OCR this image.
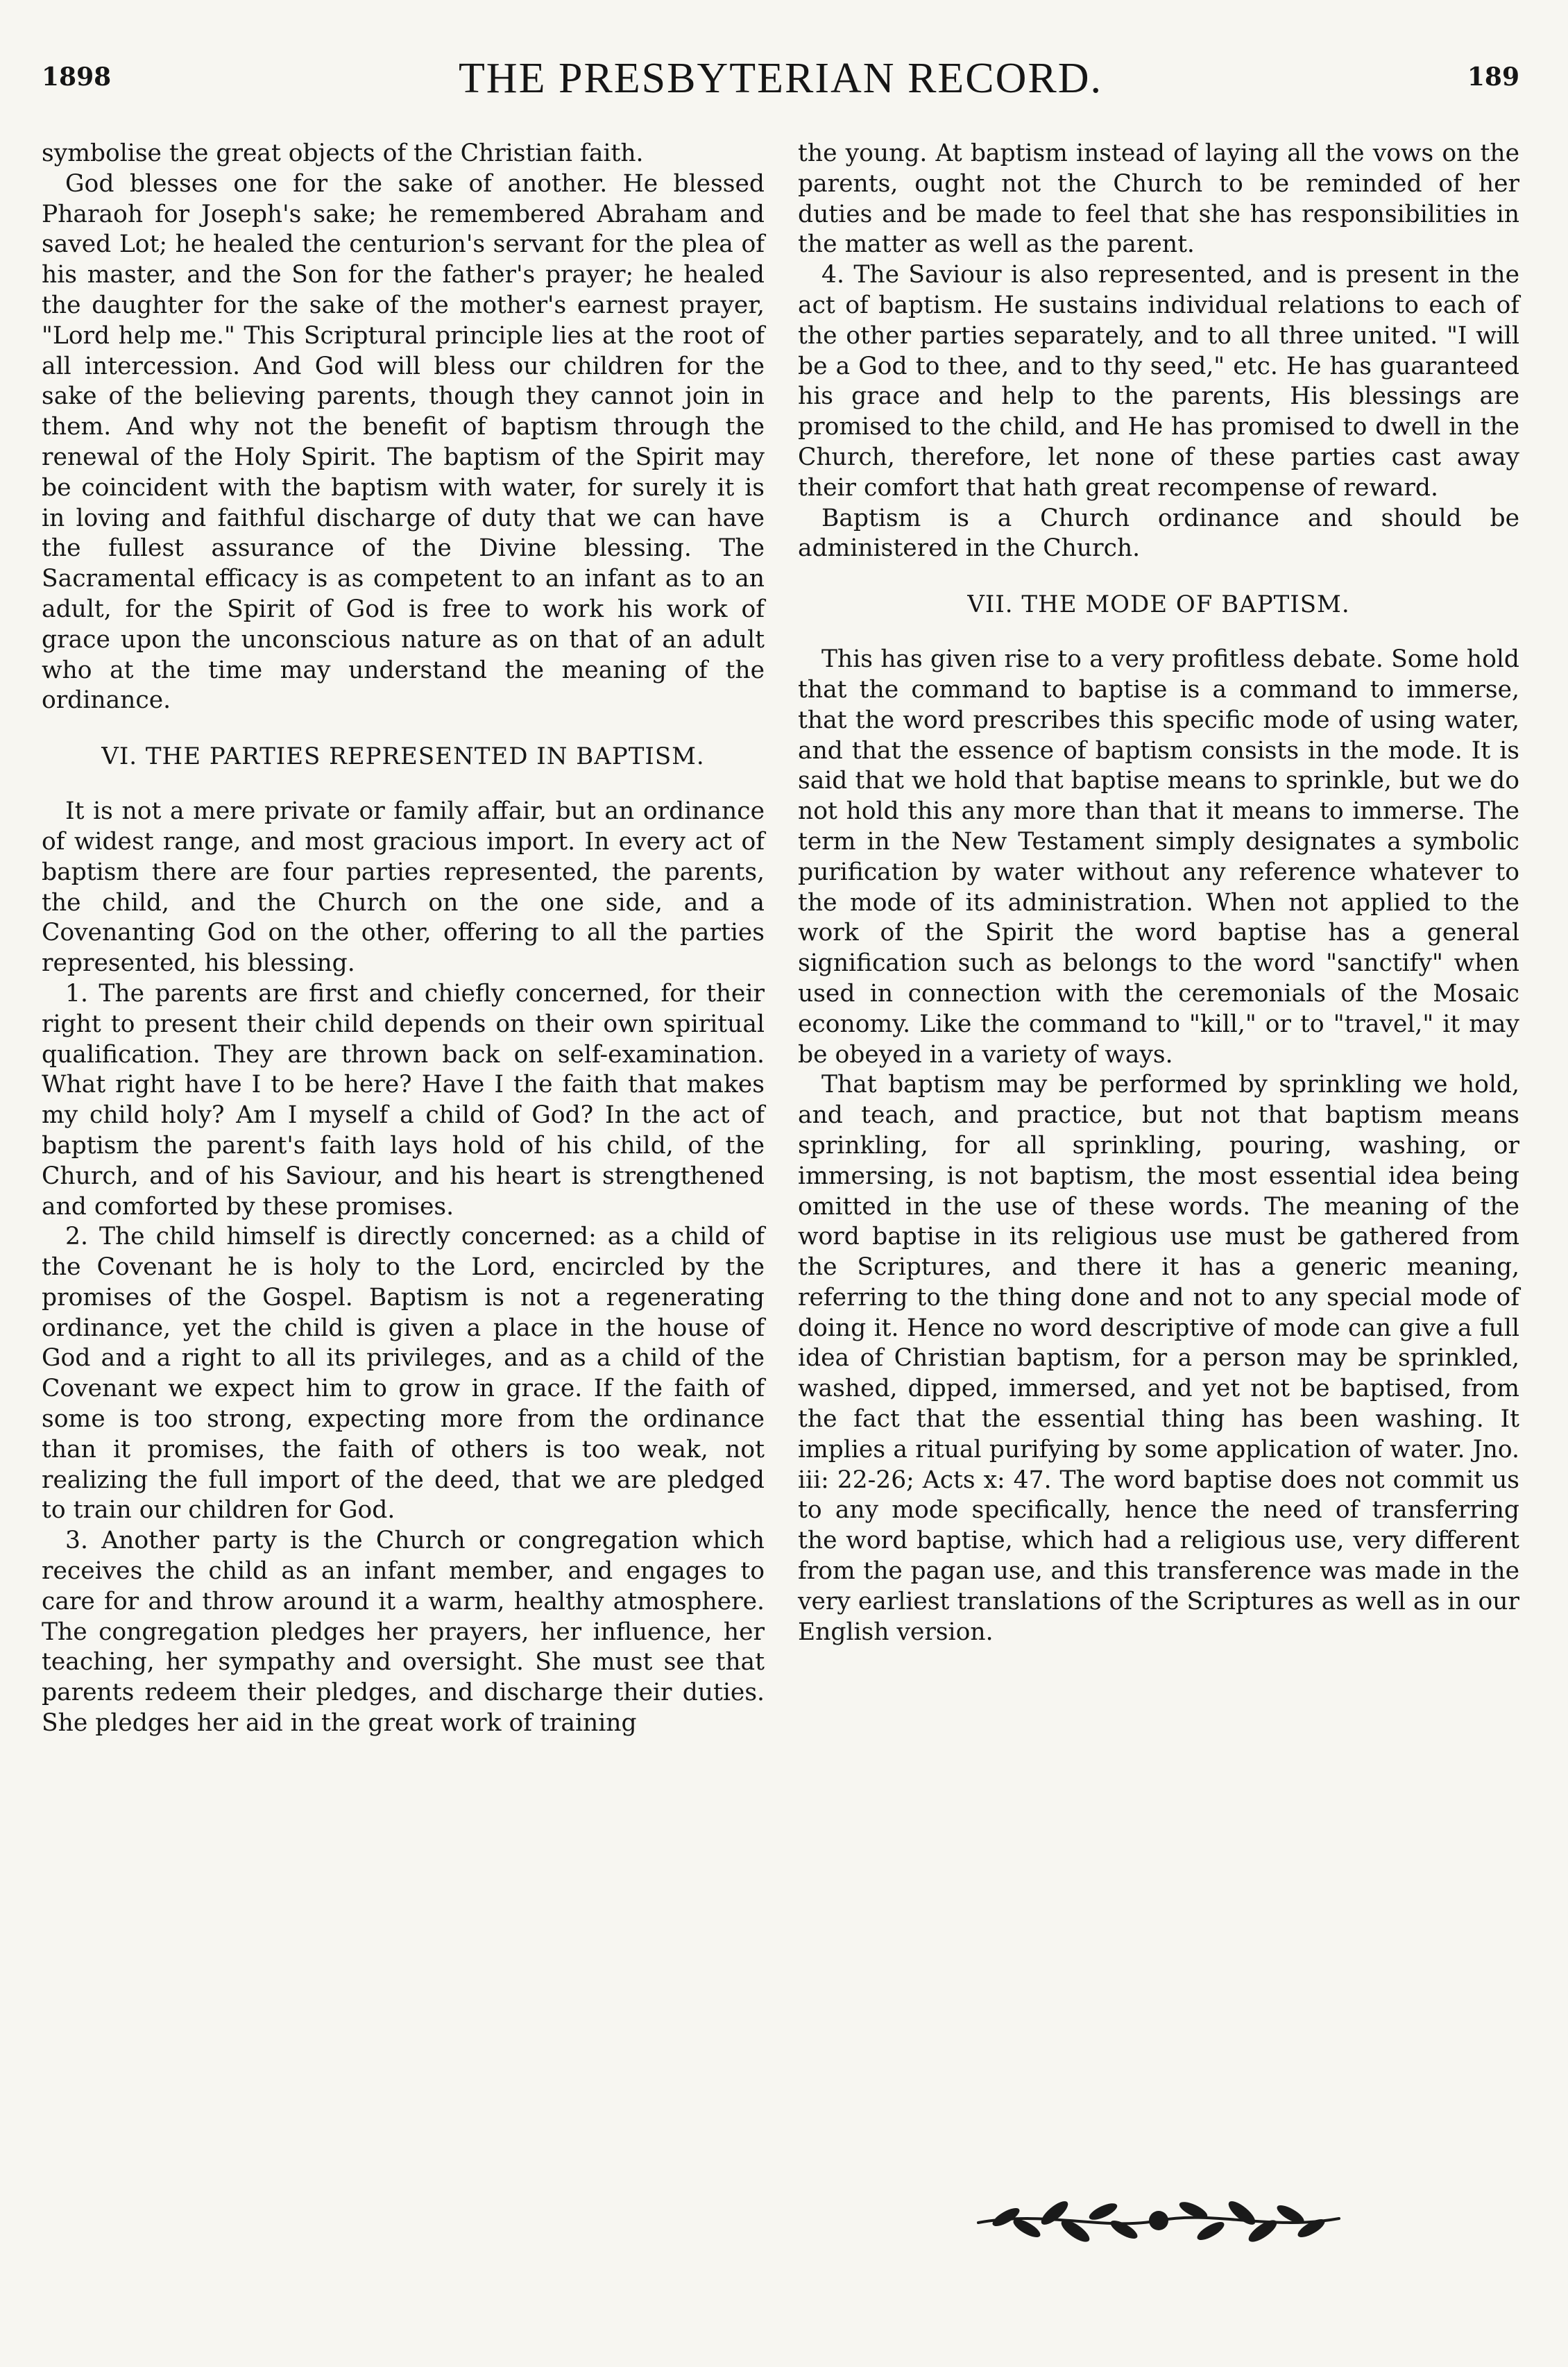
1898	THE PRESBYTERIAN RECORD.	189

symbolise the great objects of the Christian faith.

God blesses one for the sake of another. He blessed Pharaoh for Joseph's sake; he remembered Abraham and saved Lot; he healed the centurion's servant for the plea of his master, and the Son for the father's prayer; he healed the daughter for the sake of the mother's earnest prayer, "Lord help me." This Scriptural principle lies at the root of all intercession. And God will bless our children for the sake of the believing parents, though they cannot join in them. And why not the benefit of baptism through the renewal of the Holy Spirit. The baptism of the Spirit may be coincident with the baptism with water, for surely it is in loving and faithful discharge of duty that we can have the fullest assurance of the Divine blessing. The Sacramental efficacy is as competent to an infant as to an adult, for the Spirit of God is free to work his work of grace upon the unconscious nature as on that of an adult who at the time may understand the meaning of the ordinance.

VI. THE PARTIES REPRESENTED IN BAPTISM.

It is not a mere private or family affair, but an ordinance of widest range, and most gracious import. In every act of baptism there are four parties represented, the parents, the child, and the Church on the one side, and a Covenanting God on the other, offering to all the parties represented, his blessing.

1. The parents are first and chiefly concerned, for their right to present their child depends on their own spiritual qualification. They are thrown back on self-examination. What right have I to be here? Have I the faith that makes my child holy? Am I myself a child of God? In the act of baptism the parent's faith lays hold of his child, of the Church, and of his Saviour, and his heart is strengthened and comforted by these promises.

2. The child himself is directly concerned: as a child of the Covenant he is holy to the Lord, encircled by the promises of the Gospel. Baptism is not a regenerating ordinance, yet the child is given a place in the house of God and a right to all its privileges, and as a child of the Covenant we expect him to grow in grace. If the faith of some is too strong, expecting more from the ordinance than it promises, the faith of others is too weak, not realizing the full import of the deed, that we are pledged to train our children for God.

3. Another party is the Church or congregation which receives the child as an infant member, and engages to care for and throw around it a warm, healthy atmosphere. The congregation pledges her prayers, her influence, her teaching, her sympathy and oversight. She must see that parents redeem their pledges, and discharge their duties. She pledges her aid in the great work of training

the young. At baptism instead of laying all the vows on the parents, ought not the Church to be reminded of her duties and be made to feel that she has responsibilities in the matter as well as the parent.

4. The Saviour is also represented, and is present in the act of baptism. He sustains individual relations to each of the other parties separately, and to all three united. "I will be a God to thee, and to thy seed," etc. He has guaranteed his grace and help to the parents, His blessings are promised to the child, and He has promised to dwell in the Church, therefore, let none of these parties cast away their comfort that hath great recompense of reward.

Baptism is a Church ordinance and should be administered in the Church.

VII. THE MODE OF BAPTISM.

This has given rise to a very profitless debate. Some hold that the command to baptise is a command to immerse, that the word prescribes this specific mode of using water, and that the essence of baptism consists in the mode. It is said that we hold that baptise means to sprinkle, but we do not hold this any more than that it means to immerse. The term in the New Testament simply designates a symbolic purification by water without any reference whatever to the mode of its administration. When not applied to the work of the Spirit the word baptise has a general signification such as belongs to the word "sanctify" when used in connection with the ceremonials of the Mosaic economy. Like the command to "kill," or to "travel," it may be obeyed in a variety of ways.

That baptism may be performed by sprinkling we hold, and teach, and practice, but not that baptism means sprinkling, for all sprinkling, pouring, washing, or immersing, is not baptism, the most essential idea being omitted in the use of these words. The meaning of the word baptise in its religious use must be gathered from the Scriptures, and there it has a generic meaning, referring to the thing done and not to any special mode of doing it. Hence no word descriptive of mode can give a full idea of Christian baptism, for a person may be sprinkled, washed, dipped, immersed, and yet not be baptised, from the fact that the essential thing has been washing. It implies a ritual purifying by some application of water. Jno. iii: 22-26; Acts x: 47. The word baptise does not commit us to any mode specifically, hence the need of transferring the word baptise, which had a religious use, very different from the pagan use, and this transference was made in the very earliest translations of the Scriptures as well as in our English version.
